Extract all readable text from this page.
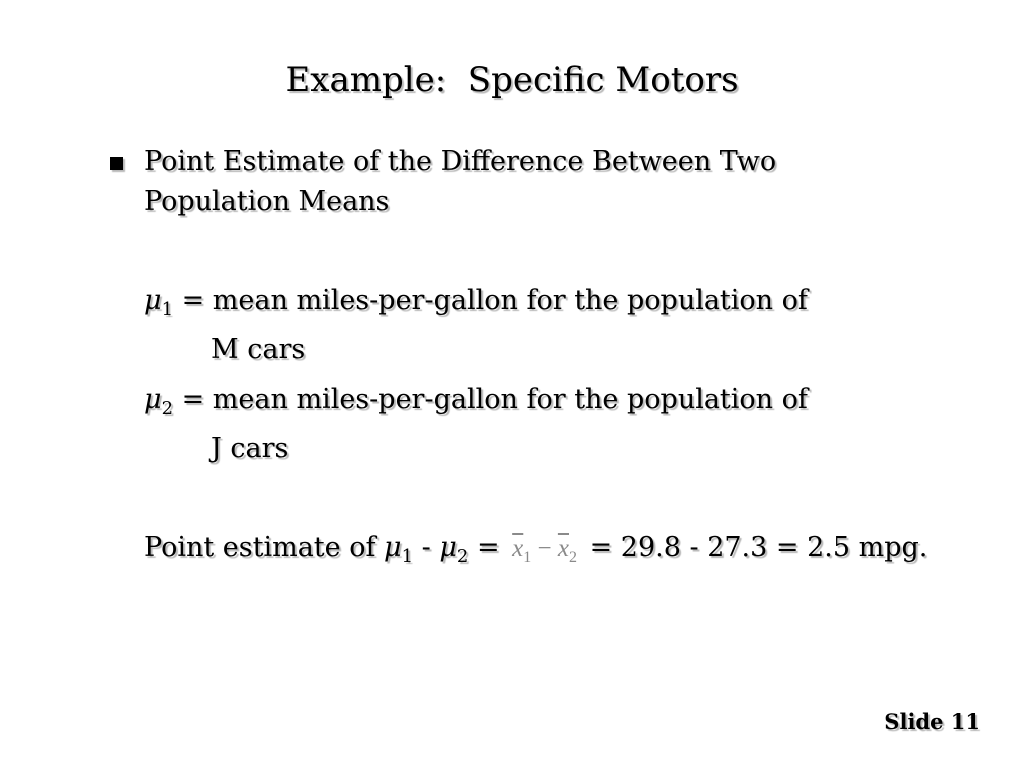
Example:  Specific Motors
Point Estimate of the Difference Between Two
Population Means
$\mu_1$ = mean miles-per-gallon for the population of
M cars
$\mu_2$ = mean miles-per-gallon for the population of
J cars
Point estimate of $\mu_1 - \mu_2 = \overline{x}_1 - \overline{x}_2 = 29.8 - 27.3 = 2.5$ mpg.
Slide 11
